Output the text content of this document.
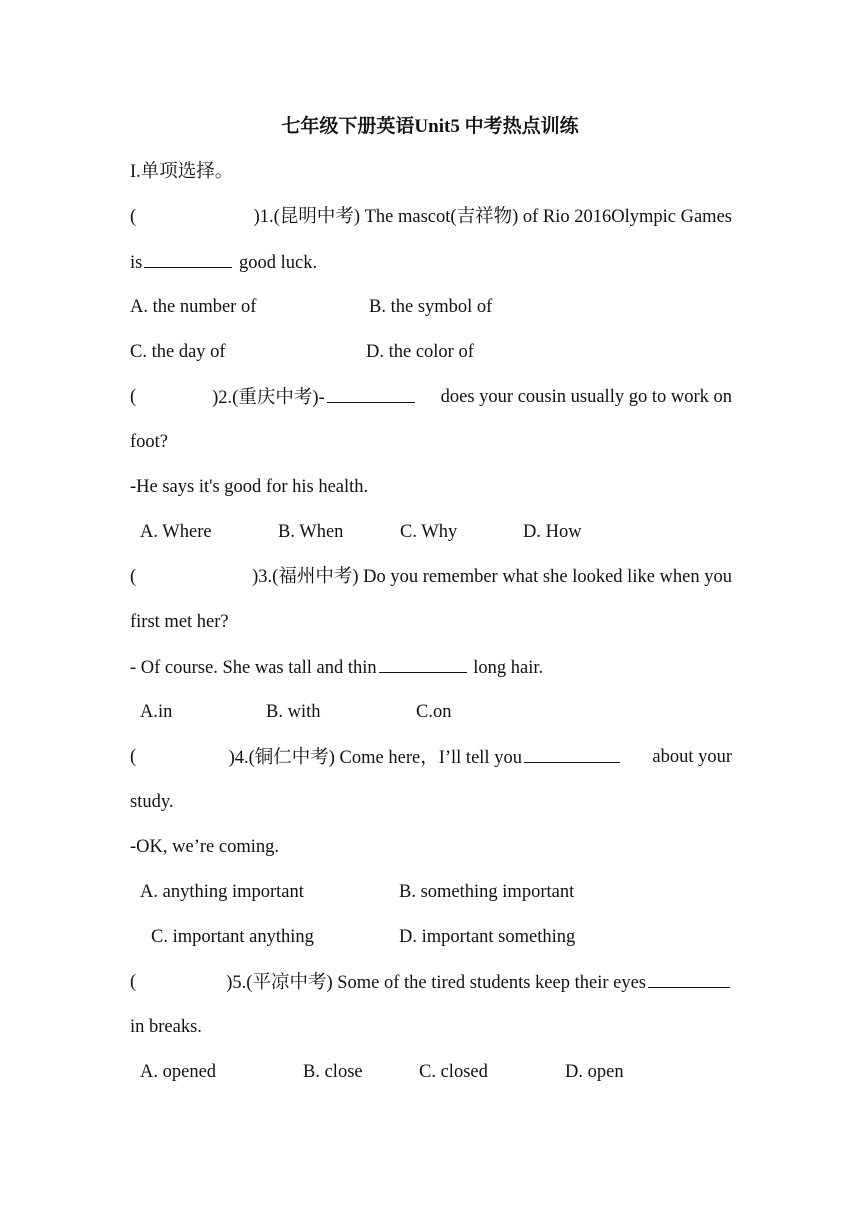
七年级下册英语Unit5 中考热点训练
I.单项选择。
(	)1.(昆明中考) The mascot(吉祥物) of Rio 2016Olympic Games
is	good luck.
A. the number of	B. the symbol of
C. the day of	D. the color of
(	)2.(重庆中考)-	does your cousin usually go to work on
foot?
-He says it's good for his health.
A. Where	B. When	C. Why	D. How
(	)3.(福州中考) Do you remember what she looked like when you
first met her?
- Of course. She was tall and thin	long hair.
A.in	B. with	C.on
(	)4.(铜仁中考) Come here，I’ll tell you	about your
study.
-OK, we’re coming.
A. anything important	B. something important
C. important anything	D. important something
(	)5.(平凉中考) Some of the tired students keep their eyes
in breaks.
A. opened	B. close	C. closed	D. open
